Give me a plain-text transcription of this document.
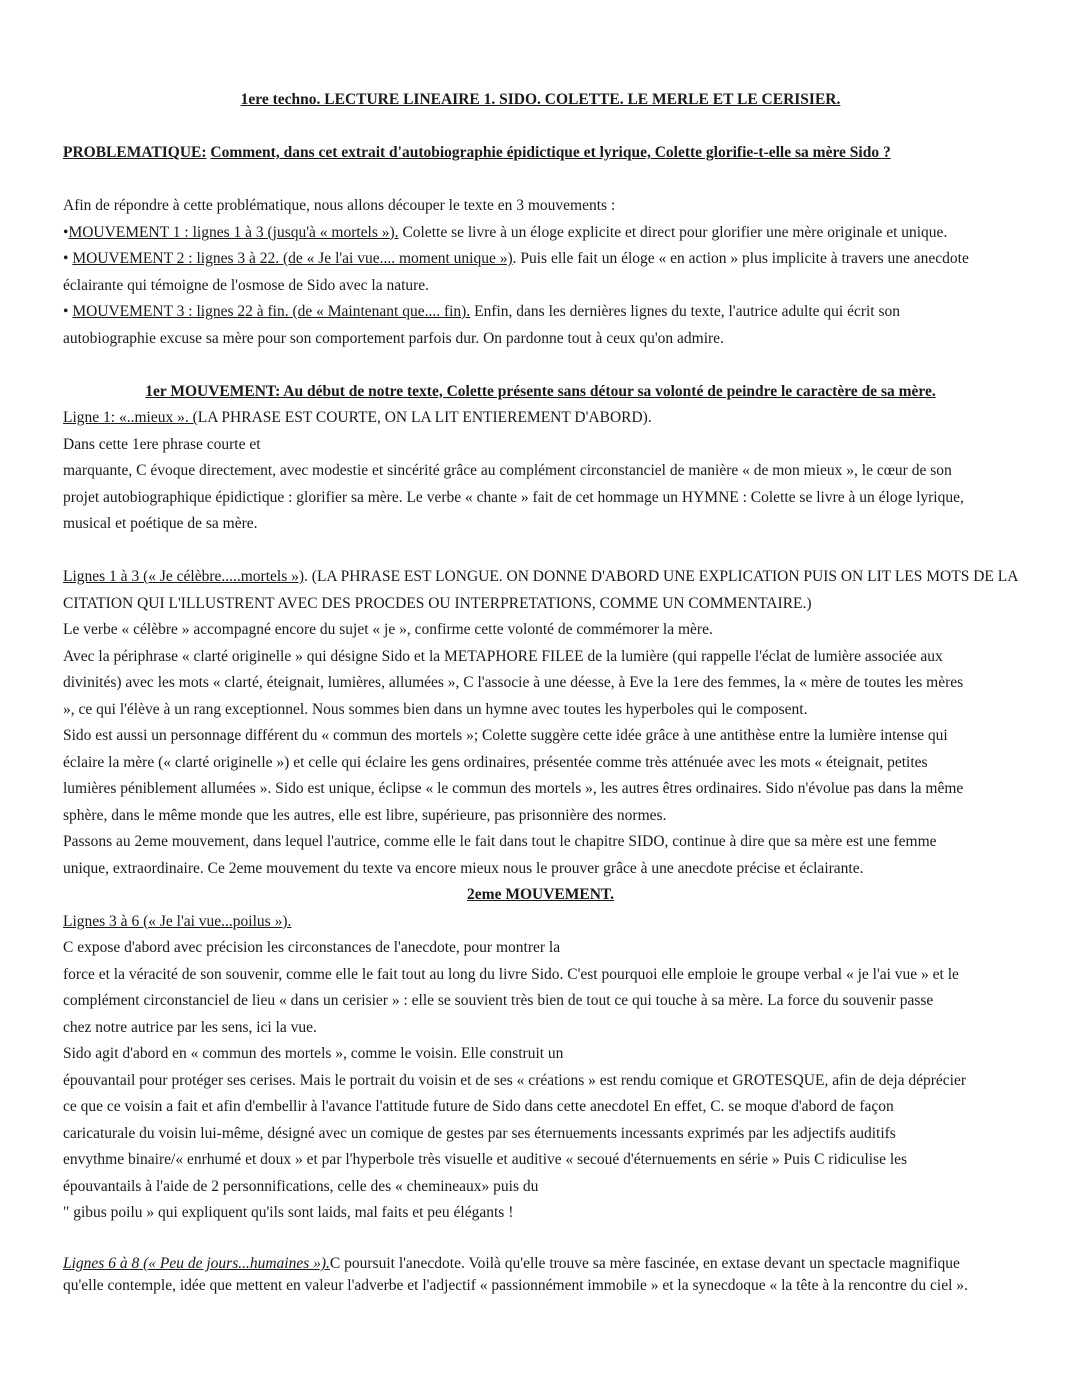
1ere techno. LECTURE LINEAIRE 1. SIDO. COLETTE. LE MERLE ET LE CERISIER.
PROBLEMATIQUE: Comment, dans cet extrait d'autobiographie épidictique et lyrique, Colette glorifie-t-elle sa mère Sido ?
Afin de répondre à cette problématique, nous allons découper le texte en 3 mouvements :
•MOUVEMENT 1 : lignes 1 à 3 (jusqu'à « mortels »). Colette se livre à un éloge explicite et direct pour glorifier une mère originale et unique.
• MOUVEMENT 2 : lignes 3 à 22. (de « Je l'ai vue.... moment unique »). Puis elle fait un éloge « en action » plus implicite à travers une anecdote
éclairante qui témoigne de l'osmose de Sido avec la nature.
• MOUVEMENT 3 : lignes 22 à fin. (de « Maintenant que.... fin). Enfin, dans les dernières lignes du texte, l'autrice adulte qui écrit son
autobiographie excuse sa mère pour son comportement parfois dur. On pardonne tout à ceux qu'on admire.
1er MOUVEMENT: Au début de notre texte, Colette présente sans détour sa volonté de peindre le caractère de sa mère.
Ligne 1: «..mieux ». (LA PHRASE EST COURTE, ON LA LIT ENTIEREMENT D'ABORD).
Dans cette 1ere phrase courte et
marquante, C évoque directement, avec modestie et sincérité grâce au complément circonstanciel de manière « de mon mieux », le cœur de son
projet autobiographique épidictique : glorifier sa mère. Le verbe « chante » fait de cet hommage un HYMNE : Colette se livre à un éloge lyrique,
musical et poétique de sa mère.
Lignes 1 à 3 (« Je célèbre.....mortels »). (LA PHRASE EST LONGUE. ON DONNE D'ABORD UNE EXPLICATION PUIS ON LIT LES MOTS DE LA
CITATION QUI L'ILLUSTRENT AVEC DES PROCDES OU INTERPRETATIONS, COMME UN COMMENTAIRE.)
Le verbe « célèbre » accompagné encore du sujet « je », confirme cette volonté de commémorer la mère.
Avec la périphrase « clarté originelle » qui désigne Sido et la METAPHORE FILEE de la lumière (qui rappelle l'éclat de lumière associée aux
divinités) avec les mots « clarté, éteignait, lumières, allumées », C l'associe à une déesse, à Eve la 1ere des femmes, la « mère de toutes les mères
», ce qui l'élève à un rang exceptionnel. Nous sommes bien dans un hymne avec toutes les hyperboles qui le composent.
Sido est aussi un personnage différent du « commun des mortels »; Colette suggère cette idée grâce à une antithèse entre la lumière intense qui
éclaire la mère (« clarté originelle ») et celle qui éclaire les gens ordinaires, présentée comme très atténuée avec les mots « éteignait, petites
lumières péniblement allumées ». Sido est unique, éclipse « le commun des mortels », les autres êtres ordinaires. Sido n'évolue pas dans la même
sphère, dans le même monde que les autres, elle est libre, supérieure, pas prisonnière des normes.
Passons au 2eme mouvement, dans lequel l'autrice, comme elle le fait dans tout le chapitre SIDO, continue à dire que sa mère est une femme
unique, extraordinaire. Ce 2eme mouvement du texte va encore mieux nous le prouver grâce à une anecdote précise et éclairante.
2eme MOUVEMENT.
Lignes 3 à 6 (« Je l'ai vue...poilus »).
C expose d'abord avec précision les circonstances de l'anecdote, pour montrer la
force et la véracité de son souvenir, comme elle le fait tout au long du livre Sido. C'est pourquoi elle emploie le groupe verbal « je l'ai vue » et le
complément circonstanciel de lieu « dans un cerisier » : elle se souvient très bien de tout ce qui touche à sa mère. La force du souvenir passe
chez notre autrice par les sens, ici la vue.
Sido agit d'abord en « commun des mortels », comme le voisin. Elle construit un
épouvantail pour protéger ses cerises. Mais le portrait du voisin et de ses « créations » est rendu comique et GROTESQUE, afin de deja déprécier
ce que ce voisin a fait et afin d'embellir à l'avance l'attitude future de Sido dans cette anecdotel En effet, C. se moque d'abord de façon
caricaturale du voisin lui-même, désigné avec un comique de gestes par ses éternuements incessants exprimés par les adjectifs auditifs
envythme binaire/« enrhumé et doux » et par l'hyperbole très visuelle et auditive « secoué d'éternuements en série » Puis C ridiculise les
épouvantails à l'aide de 2 personnifications, celle des « chemineaux» puis du
" gibus poilu » qui expliquent qu'ils sont laids, mal faits et peu élégants !
Lignes 6 à 8 (« Peu de jours...humaines »).C poursuit l'anecdote. Voilà qu'elle trouve sa mère fascinée, en extase devant un spectacle magnifique
qu'elle contemple, idée que mettent en valeur l'adverbe et l'adjectif « passionnément immobile » et la synecdoque « la tête à la rencontre du ciel ».
